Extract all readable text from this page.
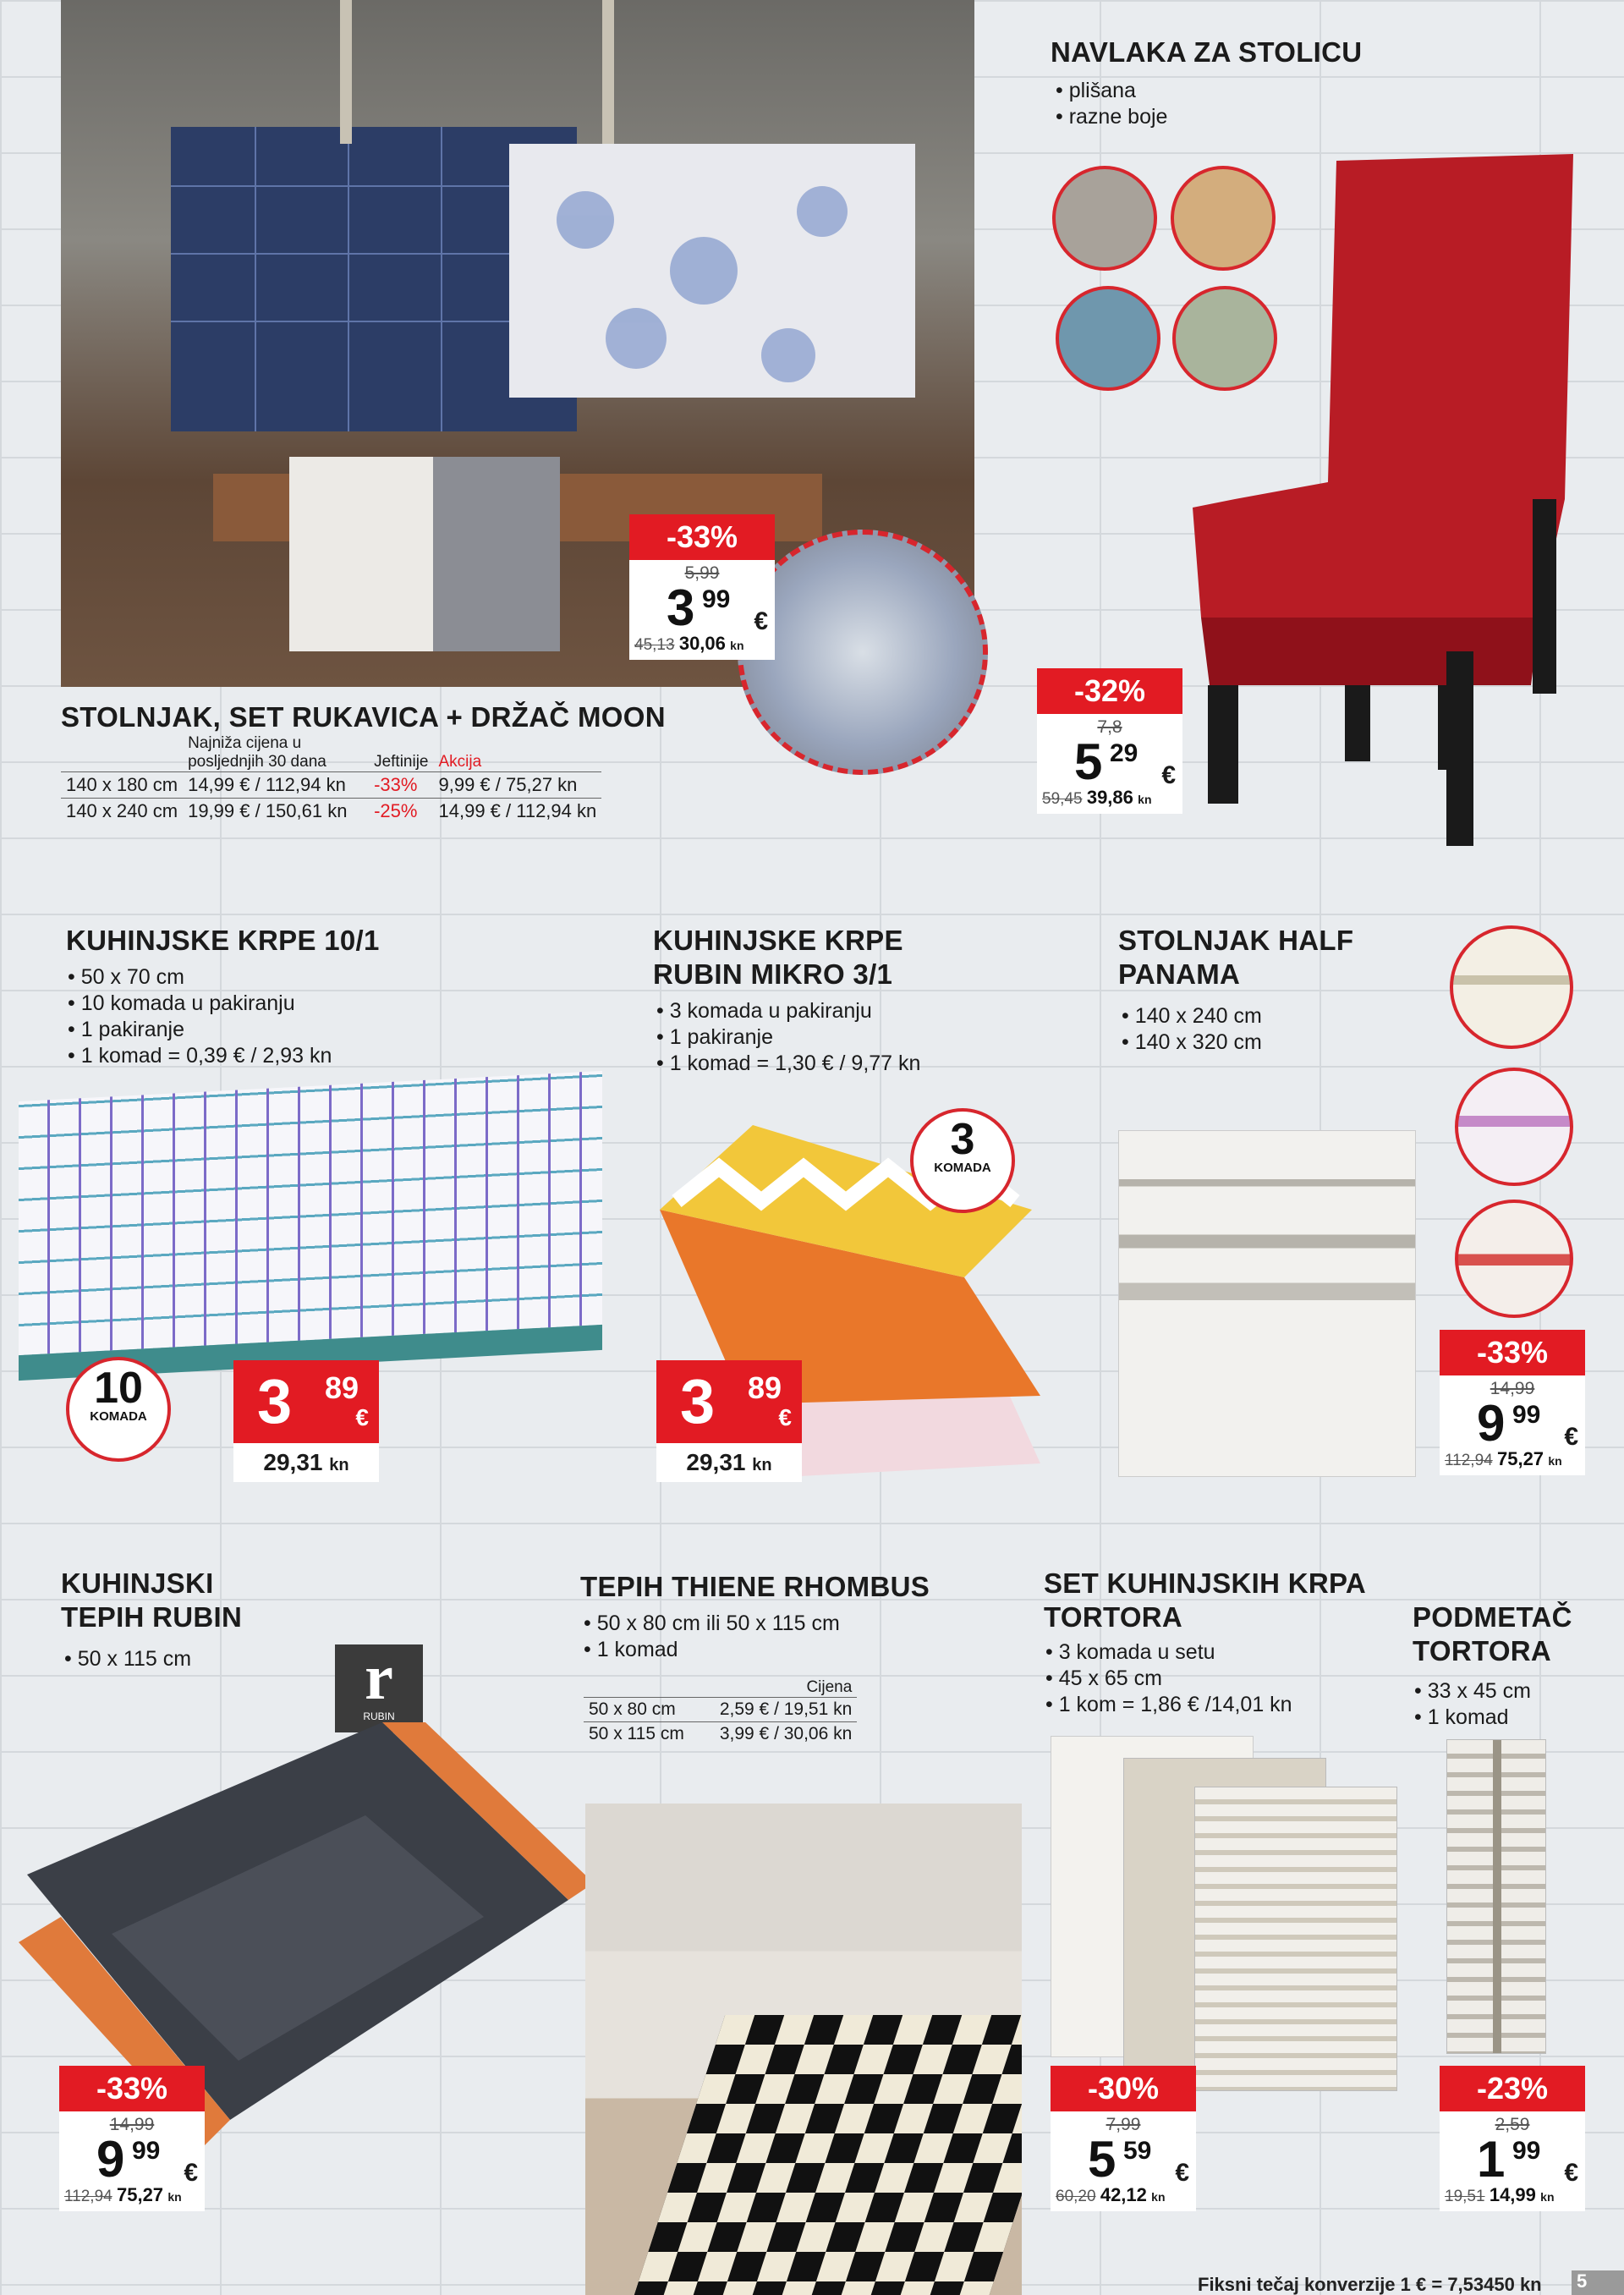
-33%
5,99
3 99
€
45,13 30,06 kn
STOLNJAK, SET RUKAVICA + DRŽAČ MOON
	Najniža cijena u posljednjih 30 dana	Jeftinije	Akcija
140 x 180 cm	14,99 € / 112,94 kn	-33%	9,99 € / 75,27 kn
140 x 240 cm	19,99 € / 150,61 kn	-25%	14,99 € / 112,94 kn
NAVLAKA ZA STOLICU
• plišana
• razne boje
-32%
7,8
5 29
€
59,45 39,86 kn
KUHINJSKE KRPE 10/1
• 50 x 70 cm
• 10 komada u pakiranju
• 1 pakiranje
• 1 komad = 0,39 € / 2,93 kn
10
KOMADA	3 89
€
29,31 kn
KUHINJSKE KRPE
RUBIN MIKRO 3/1
• 3 komada u pakiranju
• 1 pakiranje
• 1 komad = 1,30 € / 9,77 kn
3
KOMADA
3 89
€
29,31 kn
STOLNJAK HALF
PANAMA
• 140 x 240 cm
• 140 x 320 cm
-33%
14,99
9 99
€
112,94 75,27 kn
KUHINJSKI
TEPIH RUBIN
• 50 x 115 cm	r
RUBIN
-33%
14,99
9 99
€
112,94 75,27 kn
TEPIH THIENE RHOMBUS
• 50 x 80 cm ili 50 x 115 cm
• 1 komad
	Cijena
50 x 80 cm	2,59 € / 19,51 kn
50 x 115 cm	3,99 € / 30,06 kn
SET KUHINJSKIH KRPA
TORTORA
• 3 komada u setu
• 45 x 65 cm
• 1 kom = 1,86 € /14,01 kn
-30%
7,99
5 59
€
60,20 42,12 kn
PODMETAČ
TORTORA
• 33 x 45 cm
• 1 komad
-23%
2,59
1 99
€
19,51 14,99 kn
Fiksni tečaj konverzije 1 € = 7,53450 kn 5
